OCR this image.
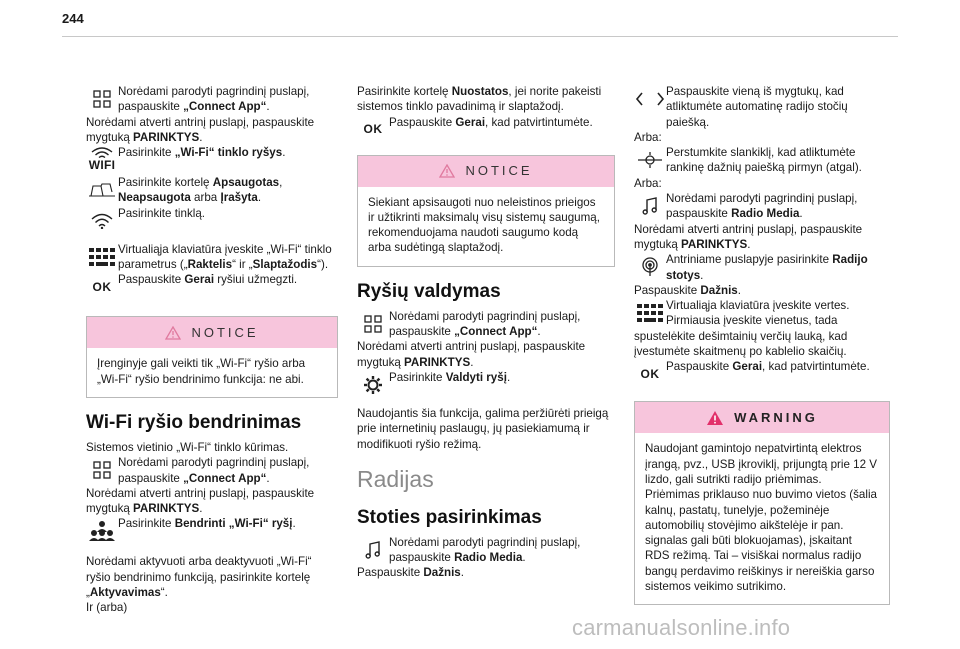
244
Norėdami parodyti pagrindinį puslapį, paspauskite „Connect App“.

Norėdami atverti antrinį puslapį, paspauskite mygtuką PARINKTYS.

WIFI
Pasirinkite „Wi-Fi“ tinklo ryšys.
Pasirinkite kortelę Apsaugotas, Neapsaugota arba Įrašyta.
Pasirinkite tinklą.
Virtualiąja klaviatūra įveskite „Wi-Fi“ tinklo parametrus („Raktelis“ ir „Slaptažodis“).
OK Paspauskite Gerai ryšiui užmegzti.
NOTICE
Įrenginyje gali veikti tik „Wi-Fi“ ryšio arba „Wi-Fi“ ryšio bendrinimo funkcija: ne abi.
Wi-Fi ryšio bendrinimas

Sistemos vietinio „Wi-Fi“ tinklo kūrimas.

Norėdami parodyti pagrindinį puslapį, paspauskite „Connect App“.

Norėdami atverti antrinį puslapį, paspauskite mygtuką PARINKTYS.

Pasirinkite Bendrinti „Wi-Fi“ ryšį.

Norėdami aktyvuoti arba deaktyvuoti „Wi-Fi“ ryšio bendrinimo funkciją, pasirinkite kortelę „Aktyvavimas“.

Ir (arba)

Pasirinkite kortelę Nuostatos, jei norite pakeisti sistemos tinklo pavadinimą ir slaptažodį.

OK Paspauskite Gerai, kad patvirtintumėte.
NOTICE
Siekiant apsisaugoti nuo neleistinos prieigos ir užtikrinti maksimalų visų sistemų saugumą, rekomenduojama naudoti saugumo kodą arba sudėtingą slaptažodį.
Ryšių valdymas
Norėdami parodyti pagrindinį puslapį, paspauskite „Connect App“.

Norėdami atverti antrinį puslapį, paspauskite mygtuką PARINKTYS.

Pasirinkite Valdyti ryšį.

Naudojantis šia funkcija, galima peržiūrėti prieigą prie internetinių paslaugų, jų pasiekiamumą ir modifikuoti ryšio režimą.

Radijas
Stoties pasirinkimas
Norėdami parodyti pagrindinį puslapį, paspauskite Radio Media.

Paspauskite Dažnis.

Paspauskite vieną iš mygtukų, kad atliktumėte automatinę radijo stočių paiešką.

Arba:

Perstumkite slankiklį, kad atliktumėte rankinę dažnių paiešką pirmyn (atgal).

Arba:

Norėdami parodyti pagrindinį puslapį, paspauskite Radio Media.

Norėdami atverti antrinį puslapį, paspauskite mygtuką PARINKTYS.

Antriniame puslapyje pasirinkite Radijo stotys.

Paspauskite Dažnis.

Virtualiąja klaviatūra įveskite vertes.
Pirmiausia įveskite vienetus, tada spustelėkite dešimtainių verčių lauką, kad įvestumėte skaitmenų po kablelio skaičių.
OK Paspauskite Gerai, kad patvirtintumėte.
WARNING
Naudojant gamintojo nepatvirtintą elektros įrangą, pvz., USB įkroviklį, prijungtą prie 12 V lizdo, gali sutrikti radijo priėmimas.
Priėmimas priklauso nuo buvimo vietos (šalia kalnų, pastatų, tunelyje, požeminėje automobilių stovėjimo aikštelėje ir pan. signalas gali būti blokuojamas), įskaitant RDS režimą. Tai – visiškai normalus radijo bangų perdavimo reiškinys ir nereiškia garso sistemos veikimo sutrikimo.
carmanualsonline.info
